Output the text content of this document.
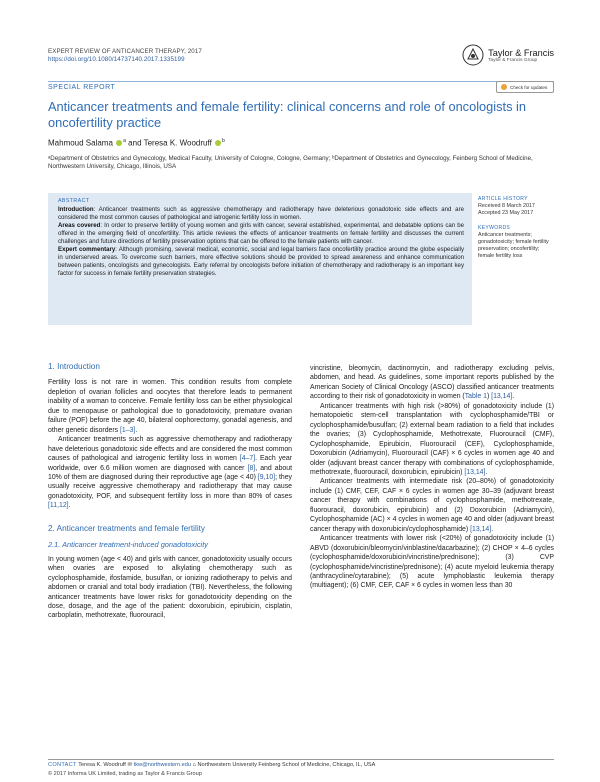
EXPERT REVIEW OF ANTICANCER THERAPY, 2017
https://doi.org/10.1080/14737140.2017.1335199
Taylor & Francis
Taylor & Francis Group
SPECIAL REPORT	Check for updates
Anticancer treatments and female fertility: clinical concerns and role of oncologists in oncofertility practice
Mahmoud Salama $^a$ and Teresa K. Woodruff $^b$
ᵃDepartment of Obstetrics and Gynecology, Medical Faculty, University of Cologne, Cologne, Germany; ᵇDepartment of Obstetrics and Gynecology, Feinberg School of Medicine, Northwestern University, Chicago, Illinois, USA
ABSTRACT
Introduction: Anticancer treatments such as aggressive chemotherapy and radiotherapy have deleterious gonadotoxic side effects and are considered the most common causes of pathological and iatrogenic fertility loss in women.
Areas covered: In order to preserve fertility of young women and girls with cancer, several established, experimental, and debatable options can be offered in the emerging field of oncofertility. This article reviews the effects of anticancer treatments on female fertility and discusses the current challenges and future directions of fertility preservation options that can be offered to the female patients with cancer.
Expert commentary: Although promising, several medical, economic, social and legal barriers face oncofertility practice around the globe especially in underserved areas. To overcome such barriers, more effective solutions should be provided to spread awareness and enhance communication between patients, oncologists and gynecologists. Early referral by oncologists before initiation of chemotherapy and radiotherapy is an important key factor for success in female fertility preservation strategies.
ARTICLE HISTORY
Received 8 March 2017
Accepted 23 May 2017
KEYWORDS
Anticancer treatments; gonadotoxicity; female fertility preservation; oncofertility; female fertility loss
1. Introduction

Fertility loss is not rare in women. This condition results from complete depletion of ovarian follicles and oocytes that therefore leads to permanent inability of a woman to conceive. Female fertility loss can be either physiological due to menopause or pathological due to gonadotoxicity, premature ovarian failure (POF) before the age 40, bilateral oophorectomy, gonadal agenesis, and other genetic disorders [1–3].

Anticancer treatments such as aggressive chemotherapy and radiotherapy have deleterious gonadotoxic side effects and are considered the most common causes of pathological and iatrogenic fertility loss in women [4–7]. Each year worldwide, over 6.6 million women are diagnosed with cancer [8], and about 10% of them are diagnosed during their reproductive age (age < 40) [9,10]; they usually receive aggressive chemotherapy and radiotherapy that may cause gonadotoxicity, POF, and subsequent fertility loss in more than 80% of cases [11,12].

2. Anticancer treatments and female fertility
2.1. Anticancer treatment-induced gonadotoxicity

In young women (age < 40) and girls with cancer, gonadotoxicity usually occurs when ovaries are exposed to alkylating chemotherapy such as cyclophosphamide, ifosfamide, busulfan, or ionizing radiotherapy to pelvis and abdomen or cranial and total body irradiation (TBI). Nevertheless, the following anticancer treatments have lower risks for gonadotoxicity depending on the dose, dosage, and the age of the patient: doxorubicin, epirubicin, cisplatin, carboplatin, methotrexate, fluorouracil,

vincristine, bleomycin, dactinomycin, and radiotherapy excluding pelvis, abdomen, and head. As guidelines, some important reports published by the American Society of Clinical Oncology (ASCO) classified anticancer treatments according to their risk of gonadotoxicity in women (Table 1) [13,14].

Anticancer treatments with high risk (>80%) of gonadotoxicity include (1) hematopoietic stem-cell transplantation with cyclophosphamide/TBI or cyclophosphamide/busulfan; (2) external beam radiation to a field that includes the ovaries; (3) Cyclophosphamide, Methotrexate, Fluorouracil (CMF), Cyclophosphamide, Epirubicin, Fluorouracil (CEF), Cyclophosphamide, Doxorubicin (Adriamycin), Fluorouracil (CAF) × 6 cycles in women age 40 and older (adjuvant breast cancer therapy with combinations of cyclophosphamide, methotrexate, fluorouracil, doxorubicin, epirubicin) [13,14].

Anticancer treatments with intermediate risk (20–80%) of gonadotoxicity include (1) CMF, CEF, CAF × 6 cycles in women age 30–39 (adjuvant breast cancer therapy with combinations of cyclophosphamide, methotrexate, fluorouracil, doxorubicin, epirubicin) and (2) Doxorubicin (Adriamycin), Cyclophosphamide (AC) × 4 cycles in women age 40 and older (adjuvant breast cancer therapy with doxorubicin/cyclophosphamide) [13,14].

Anticancer treatments with lower risk (<20%) of gonadotoxicity include (1) ABVD (doxorubicin/bleomycin/vinblastine/dacarbazine); (2) CHOP × 4–6 cycles (cyclophosphamide/doxorubicin/vincristine/prednisone); (3) CVP (cyclophosphamide/vincristine/prednisone); (4) acute myeloid leukemia therapy (anthracycline/cytarabine); (5) acute lymphoblastic leukemia therapy (multiagent); (6) CMF, CEF, CAF × 6 cycles in women less than 30

CONTACT Teresa K. Woodruff ✉ tkw@northwestern.edu ⌂ Northwestern University Feinberg School of Medicine, Chicago, IL, USA
© 2017 Informa UK Limited, trading as Taylor & Francis Group
